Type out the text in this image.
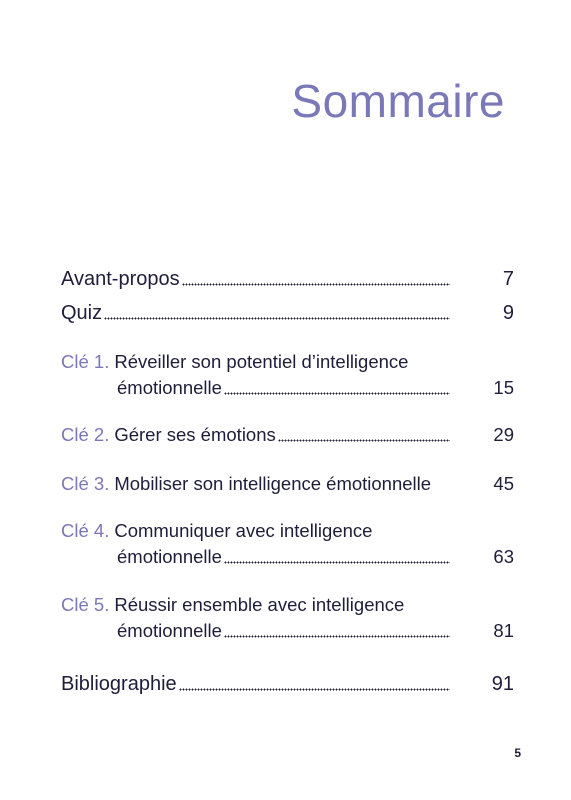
Sommaire
Avant-propos	7
Quiz	9
Clé 1. Réveiller son potentiel d’intelligence
émotionnelle	15
Clé 2. Gérer ses émotions	29
Clé 3. Mobiliser son intelligence émotionnelle	45
Clé 4. Communiquer avec intelligence
émotionnelle	63
Clé 5. Réussir ensemble avec intelligence
émotionnelle	81
Bibliographie	91
5
